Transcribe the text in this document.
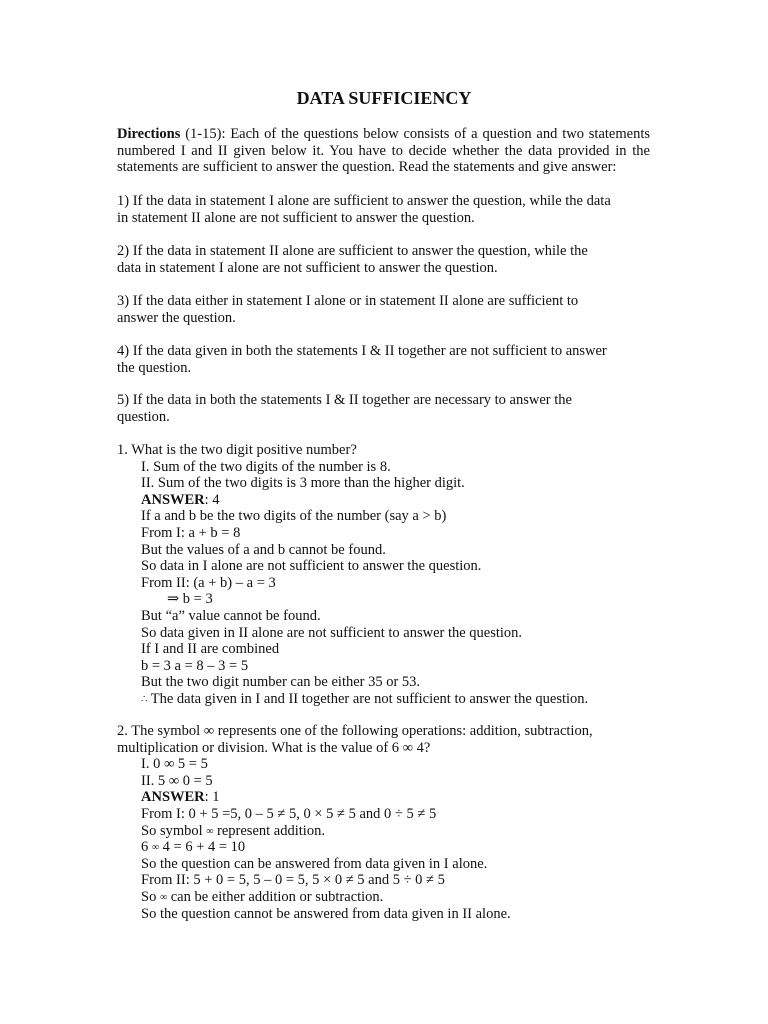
DATA SUFFICIENCY
Directions (1-15): Each of the questions below consists of a question and two statements numbered I and II given below it. You have to decide whether the data provided in the statements are sufficient to answer the question. Read the statements and give answer:
1) If the data in statement I alone are sufficient to answer the question, while the data
in statement II alone are not sufficient to answer the question.
2) If the data in statement II alone are sufficient to answer the question, while the
data in statement I alone are not sufficient to answer the question.
3) If the data either in statement I alone or in statement II alone are sufficient to
answer the question.
4) If the data given in both the statements I & II together are not sufficient to answer
the question.
5) If the data in both the statements I & II together are necessary to answer the
question.
1. What is the two digit positive number?
I. Sum of the two digits of the number is 8.
II. Sum of the two digits is 3 more than the higher digit.
ANSWER: 4
If a and b be the two digits of the number (say a > b)
From I: a + b = 8
But the values of a and b cannot be found.
So data in I alone are not sufficient to answer the question.
From II: (a + b) – a = 3
⇒ b = 3
But “a” value cannot be found.
So data given in II alone are not sufficient to answer the question.
If I and II are combined
b = 3 a = 8 – 3 = 5
But the two digit number can be either 35 or 53.
∴ The data given in I and II together are not sufficient to answer the question.
2. The symbol ∞ represents one of the following operations: addition, subtraction,
multiplication or division. What is the value of 6 ∞ 4?
I. 0 ∞ 5 = 5
II. 5 ∞ 0 = 5
ANSWER: 1
From I: 0 + 5 =5, 0 – 5 ≠ 5, 0 × 5 ≠ 5 and 0 ÷ 5 ≠ 5
So symbol ∞ represent addition.
6 ∞ 4 = 6 + 4 = 10
So the question can be answered from data given in I alone.
From II: 5 + 0 = 5, 5 – 0 = 5, 5 × 0 ≠ 5 and 5 ÷ 0 ≠ 5
So ∞ can be either addition or subtraction.
So the question cannot be answered from data given in II alone.
